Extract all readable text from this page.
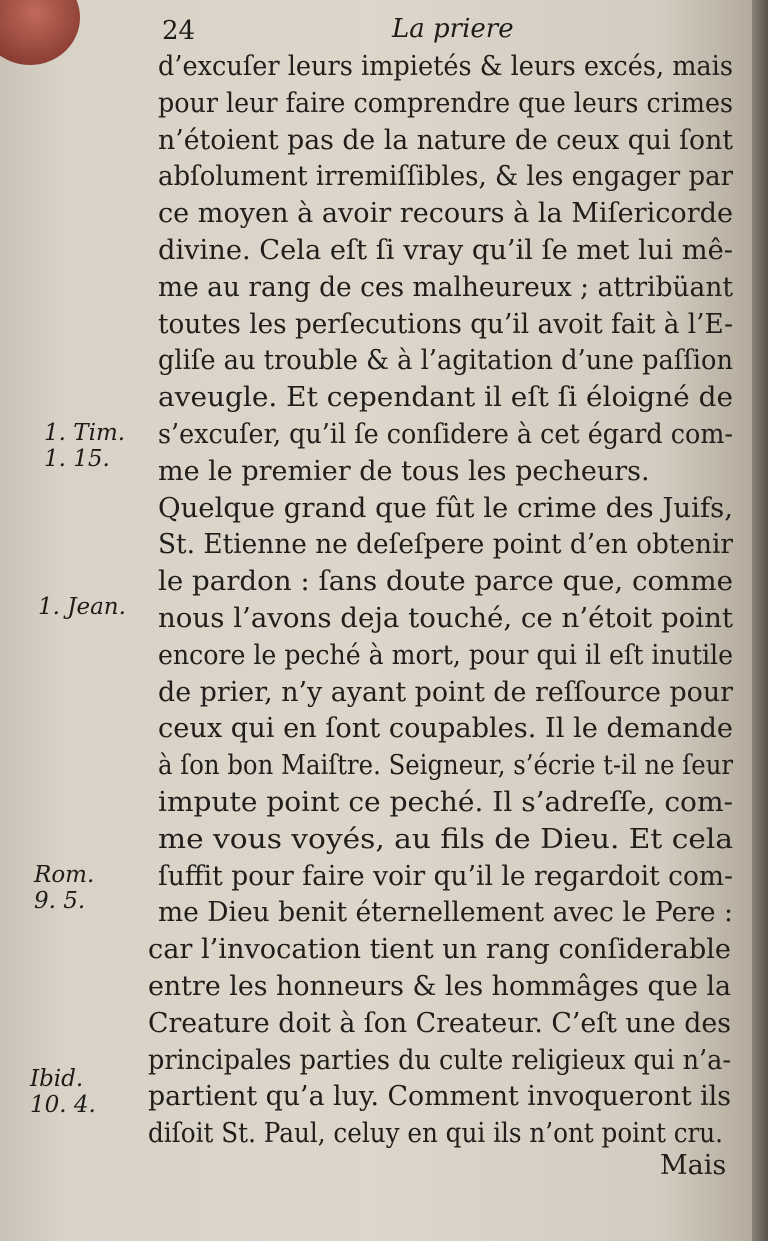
24	La priere
d’excuſer leurs impietés & leurs excés, mais
pour leur faire comprendre que leurs crimes
n’étoient pas de la nature de ceux qui ſont
abſolument irremiſſibles, & les engager par
ce moyen à avoir recours à la Miſericorde
divine. Cela eſt ſi vray qu’il ſe met lui mê-
me au rang de ces malheureux ; attribüant
toutes les perſecutions qu’il avoit fait à l’E-
gliſe au trouble & à l’agitation d’une paſſion
aveugle. Et cependant il eſt ſi éloigné de
s’excuſer, qu’il ſe conſidere à cet égard com-
me le premier de tous les pecheurs.
Quelque grand que fût le crime des Juifs,
St. Etienne ne deſeſpere point d’en obtenir
le pardon : ſans doute parce que, comme
nous l’avons deja touché, ce n’étoit point
encore le peché à mort, pour qui il eſt inutile
de prier, n’y ayant point de reſſource pour
ceux qui en ſont coupables. Il le demande
à ſon bon Maiſtre. Seigneur, s’écrie t-il ne ſeur
impute point ce peché. Il s’adreſſe, com-
me vous voyés, au fils de Dieu. Et cela
ſuffit pour faire voir qu’il le regardoit com-
me Dieu benit éternellement avec le Pere :
car l’invocation tient un rang conſiderable
entre les honneurs & les hommâges que la
Creature doit à ſon Createur. C’eſt une des
principales parties du culte religieux qui n’a-
partient qu’a luy. Comment invoqueront ils
diſoit St. Paul, celuy en qui ils n’ont point cru.
Mais
1. Tim.
1. 15.
1. Jean.
Rom.
9. 5.
Ibid.
10. 4.
